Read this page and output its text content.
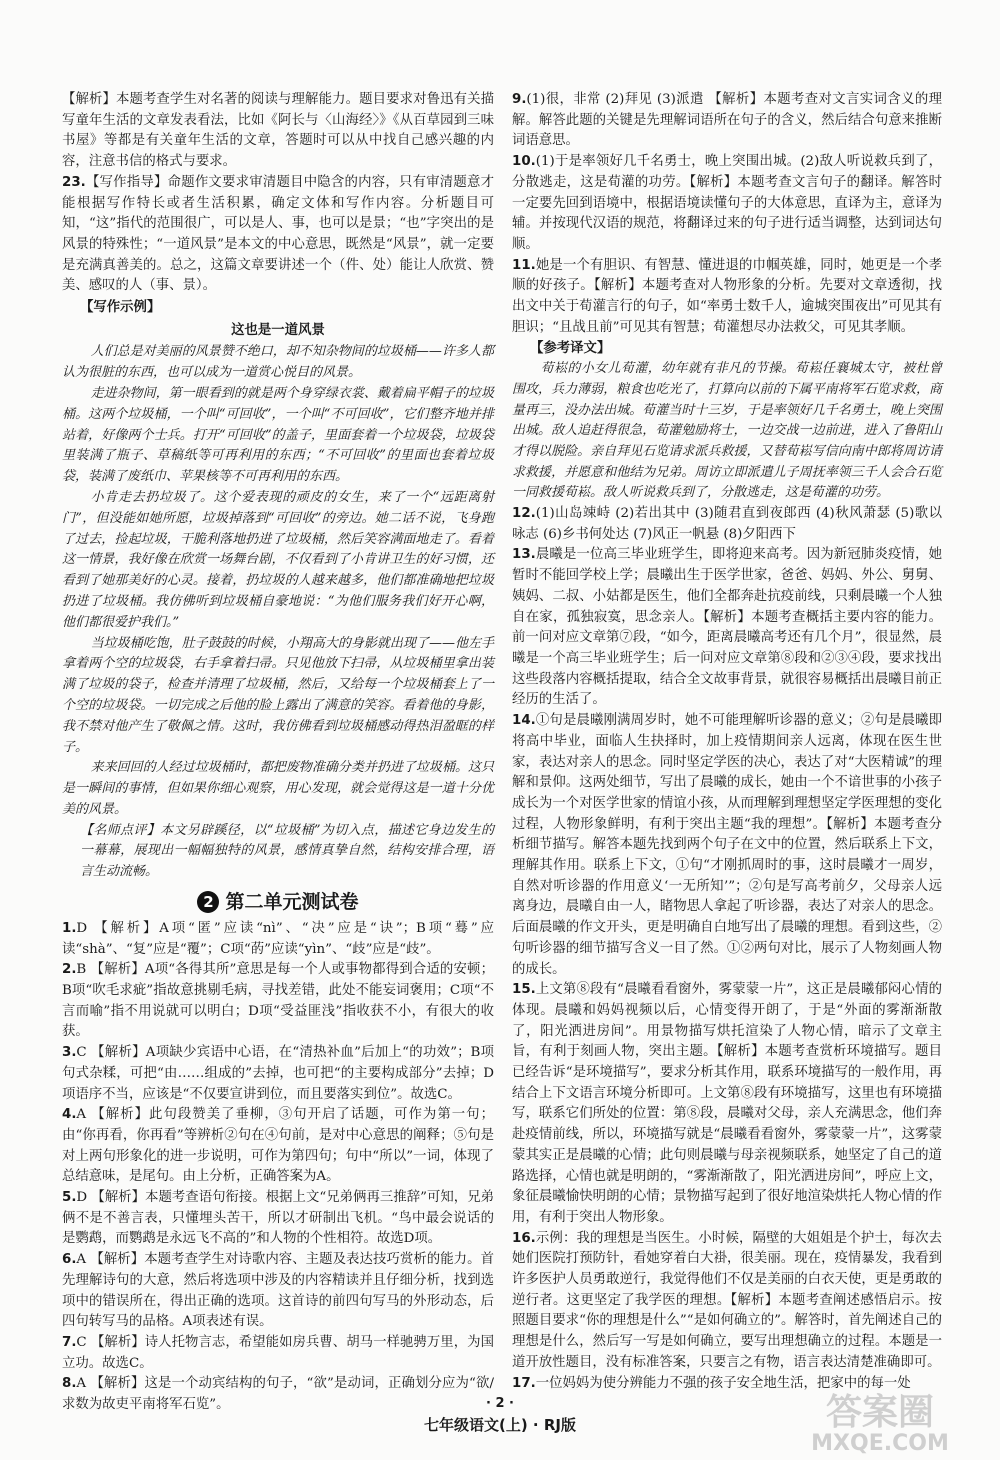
【解析】本题考查学生对名著的阅读与理解能力。题目要求对鲁迅有关描写童年生活的文章发表看法，比如《阿长与〈山海经〉》《从百草园到三味书屋》等都是有关童年生活的文章，答题时可以从中找自己感兴趣的内容，注意书信的格式与要求。

23.【写作指导】命题作文要求审清题目中隐含的内容，只有审清题意才能根据写作特长或者生活积累，确定文体和写作内容。分析题目可知，“这”指代的范围很广，可以是人、事，也可以是景；“也”字突出的是风景的特殊性；“一道风景”是本文的中心意思，既然是“风景”，就一定要是充满真善美的。总之，这篇文章要讲述一个（件、处）能让人欣赏、赞美、感叹的人（事、景）。

【写作示例】
这也是一道风景

人们总是对美丽的风景赞不绝口，却不知杂物间的垃圾桶——许多人都认为很脏的东西，也可以成为一道赏心悦目的风景。

走进杂物间，第一眼看到的就是两个身穿绿衣裳、戴着扁平帽子的垃圾桶。这两个垃圾桶，一个叫“可回收”，一个叫“不可回收”，它们整齐地并排站着，好像两个士兵。打开“可回收”的盖子，里面套着一个垃圾袋，垃圾袋里装满了瓶子、草稿纸等可再利用的东西；“不可回收”的里面也套着垃圾袋，装满了废纸巾、苹果核等不可再利用的东西。

小肯走去扔垃圾了。这个爱表现的顽皮的女生，来了一个“远距离射门”，但没能如她所愿，垃圾掉落到“可回收”的旁边。她二话不说，飞身跑了过去，捡起垃圾，干脆利落地扔进了垃圾桶，然后笑容满面地走了。看着这一情景，我好像在欣赏一场舞台剧，不仅看到了小肯讲卫生的好习惯，还看到了她那美好的心灵。接着，扔垃圾的人越来越多，他们都准确地把垃圾扔进了垃圾桶。我仿佛听到垃圾桶自豪地说：“为他们服务我们好开心啊，他们都很爱护我们。”

当垃圾桶吃饱，肚子鼓鼓的时候，小翔高大的身影就出现了——他左手拿着两个空的垃圾袋，右手拿着扫帚。只见他放下扫帚，从垃圾桶里拿出装满了垃圾的袋子，检查并清理了垃圾桶，然后，又给每一个垃圾桶套上了一个空的垃圾袋。一切完成之后他的脸上露出了满意的笑容。看着他的身影，我不禁对他产生了敬佩之情。这时，我仿佛看到垃圾桶感动得热泪盈眶的样子。

来来回回的人经过垃圾桶时，都把废物准确分类并扔进了垃圾桶。这只是一瞬间的事情，但如果你细心观察，用心发现，就会觉得这是一道十分优美的风景。

【名师点评】本文另辟蹊径，以“垃圾桶”为切入点，描述它身边发生的一幕幕，展现出一幅幅独特的风景，感情真挚自然，结构安排合理，语言生动流畅。

2 第二单元测试卷

1.D 【解析】A项“匿”应读“nì”、“决”应是“诀”；B项“蓦”应读“shà”、“复”应是“覆”；C项“菂”应读“yìn”、“歧”应是“歧”。

2.B 【解析】A项“各得其所”意思是每一个人或事物都得到合适的安顿；B项“吹毛求疵”指故意挑剔毛病，寻找差错，此处不能妄词褒用；C项“不言而喻”指不用说就可以明白；D项“受益匪浅”指收获不小，有很大的收获。

3.C 【解析】A项缺少宾语中心语，在“清热补血”后加上“的功效”；B项句式杂糅，可把“由……组成的”去掉，也可把“的主要构成部分”去掉；D项语序不当，应该是“不仅要宣讲到位，而且要落实到位”。故选C。

4.A 【解析】此句段赞美了垂柳，③句开启了话题，可作为第一句；由“你再看，你再看”等辨析②句在④句前，是对中心意思的阐释；⑤句是对上两句形象化的进一步说明，可作为第四句；句中“所以”一词，体现了总结意味，是尾句。由上分析，正确答案为A。

5.D 【解析】本题考查语句衔接。根据上文“兄弟俩再三推辞”可知，兄弟俩不是不善言表，只懂埋头苦干，所以才研制出飞机。“鸟中最会说话的是鹦鹉，而鹦鹉是永远飞不高的”和人物的个性相符。故选D项。

6.A 【解析】本题考查学生对诗歌内容、主题及表达技巧赏析的能力。首先理解诗句的大意，然后将选项中涉及的内容精读并且仔细分析，找到选项中的错误所在，得出正确的选项。这首诗的前四句写马的外形动态，后四句转写马的品格。A项表述有误。

7.C 【解析】诗人托物言志，希望能如房兵曹、胡马一样驰骋万里，为国立功。故选C。

8.A 【解析】这是一个动宾结构的句子，“欲”是动词，正确划分应为“欲/求数为故吏平南将军石览”。

9.(1)很，非常 (2)拜见 (3)派遣 【解析】本题考查对文言实词含义的理解。解答此题的关键是先理解词语所在句子的含义，然后结合句意来推断词语意思。

10.(1)于是率领好几千名勇士，晚上突围出城。(2)敌人听说救兵到了，分散逃走，这是荀灌的功劳。【解析】本题考查文言句子的翻译。解答时一定要先回到语境中，根据语境读懂句子的大体意思，直译为主，意译为辅。并按现代汉语的规范，将翻译过来的句子进行适当调整，达到词达句顺。

11.她是一个有胆识、有智慧、懂进退的巾帼英雄，同时，她更是一个孝顺的好孩子。【解析】本题考查对人物形象的分析。先要对文章透彻，找出文中关于荀灌言行的句子，如“率勇士数千人，逾城突围夜出”可见其有胆识；“且战且前”可见其有智慧；荀灌想尽办法救父，可见其孝顺。

【参考译文】

荀崧的小女儿荀灌，幼年就有非凡的节操。荀崧任襄城太守，被杜曾围攻，兵力薄弱，粮食也吃光了，打算向以前的下属平南将军石览求救，商量再三，没办法出城。荀灌当时十三岁，于是率领好几千名勇士，晚上突围出城。敌人追赶得很急，荀灌勉励将士，一边交战一边前进，进入了鲁阳山才得以脱险。亲自拜见石览请求派兵救援，又替荀崧写信向南中郎将周访请求救援，并愿意和他结为兄弟。周访立即派遣儿子周抚率领三千人会合石览一同救援荀崧。敌人听说救兵到了，分散逃走，这是荀灌的功劳。

12.(1)山岛竦峙 (2)若出其中 (3)随君直到夜郎西 (4)秋风萧瑟 (5)歌以咏志 (6)乡书何处达 (7)风正一帆悬 (8)夕阳西下

13.晨曦是一位高三毕业班学生，即将迎来高考。因为新冠肺炎疫情，她暂时不能回学校上学；晨曦出生于医学世家，爸爸、妈妈、外公、舅舅、姨妈、二叔、小姑都是医生，他们全都奔赴抗疫前线，只剩晨曦一个人独自在家，孤独寂寞，思念亲人。【解析】本题考查概括主要内容的能力。前一问对应文章第⑦段，“如今，距离晨曦高考还有几个月”，很显然，晨曦是一个高三毕业班学生；后一问对应文章第⑧段和②③④段，要求找出这些段落内容概括提取，结合全文故事背景，就很容易概括出晨曦目前正经历的生活了。

14.①句是晨曦刚满周岁时，她不可能理解听诊器的意义；②句是晨曦即将高中毕业，面临人生抉择时，加上疫情期间亲人远离，体现在医生世家，表达对亲人的思念。同时坚定学医的决心，表达了对“大医精诚”的理解和景仰。这两处细节，写出了晨曦的成长，她由一个不谙世事的小孩子成长为一个对医学世家的情谊小孩，从而理解到理想坚定学医理想的变化过程，人物形象鲜明，有利于突出主题“我的理想”。【解析】本题考查分析细节描写。解答本题先找到两个句子在文中的位置，然后联系上下文，理解其作用。联系上下文，①句“才刚抓周时的事，这时晨曦才一周岁，自然对听诊器的作用意义‘一无所知’”；②句是写高考前夕，父母亲人远离身边，晨曦自由一人，睹物思人拿起了听诊器，表达了对亲人的思念。后面晨曦的作文开头，更是明确自白地写出了晨曦的理想。看到这些，②句听诊器的细节描写含义一目了然。①②两句对比，展示了人物刻画人物的成长。

15.上文第⑧段有“晨曦看看窗外，雾蒙蒙一片”，这正是晨曦郁闷心情的体现。晨曦和妈妈视频以后，心情变得开朗了，于是“外面的雾渐渐散了，阳光洒进房间”。用景物描写烘托渲染了人物心情，暗示了文章主旨，有利于刻画人物，突出主题。【解析】本题考查赏析环境描写。题目已经告诉“是环境描写”，要求分析其作用，联系环境描写的一般作用，再结合上下文语言环境分析即可。上文第⑧段有环境描写，这里也有环境描写，联系它们所处的位置：第⑧段，晨曦对父母，亲人充满思念，他们奔赴疫情前线，所以，环境描写就是“晨曦看看窗外，雾蒙蒙一片”，这雾蒙蒙其实正是晨曦的心情；此句则晨曦与母亲视频联系，她坚定了自己的道路选择，心情也就是明朗的，“雾渐渐散了，阳光洒进房间”，呼应上文，象征晨曦愉快明朗的心情；景物描写起到了很好地渲染烘托人物心情的作用，有利于突出人物形象。

16.示例：我的理想是当医生。小时候，隔壁的大姐姐是个护士，每次去她们医院打预防针，看她穿着白大褂，很美丽。现在，疫情暴发，我看到许多医护人员勇敢逆行，我觉得他们不仅是美丽的白衣天使，更是勇敢的逆行者。这更坚定了我学医的理想。【解析】本题考查阐述感悟启示。按照题目要求“你的理想是什么”“是如何确立的”。解答时，首先阐述自己的理想是什么，然后写一写是如何确立，要写出理想确立的过程。本题是一道开放性题目，没有标准答案，只要言之有物，语言表达清楚准确即可。

17.一位妈妈为使分辨能力不强的孩子安全地生活，把家中的每一处

· 2 ·
七年级语文(上) · RJ版	答案圈
MXQE.COM
